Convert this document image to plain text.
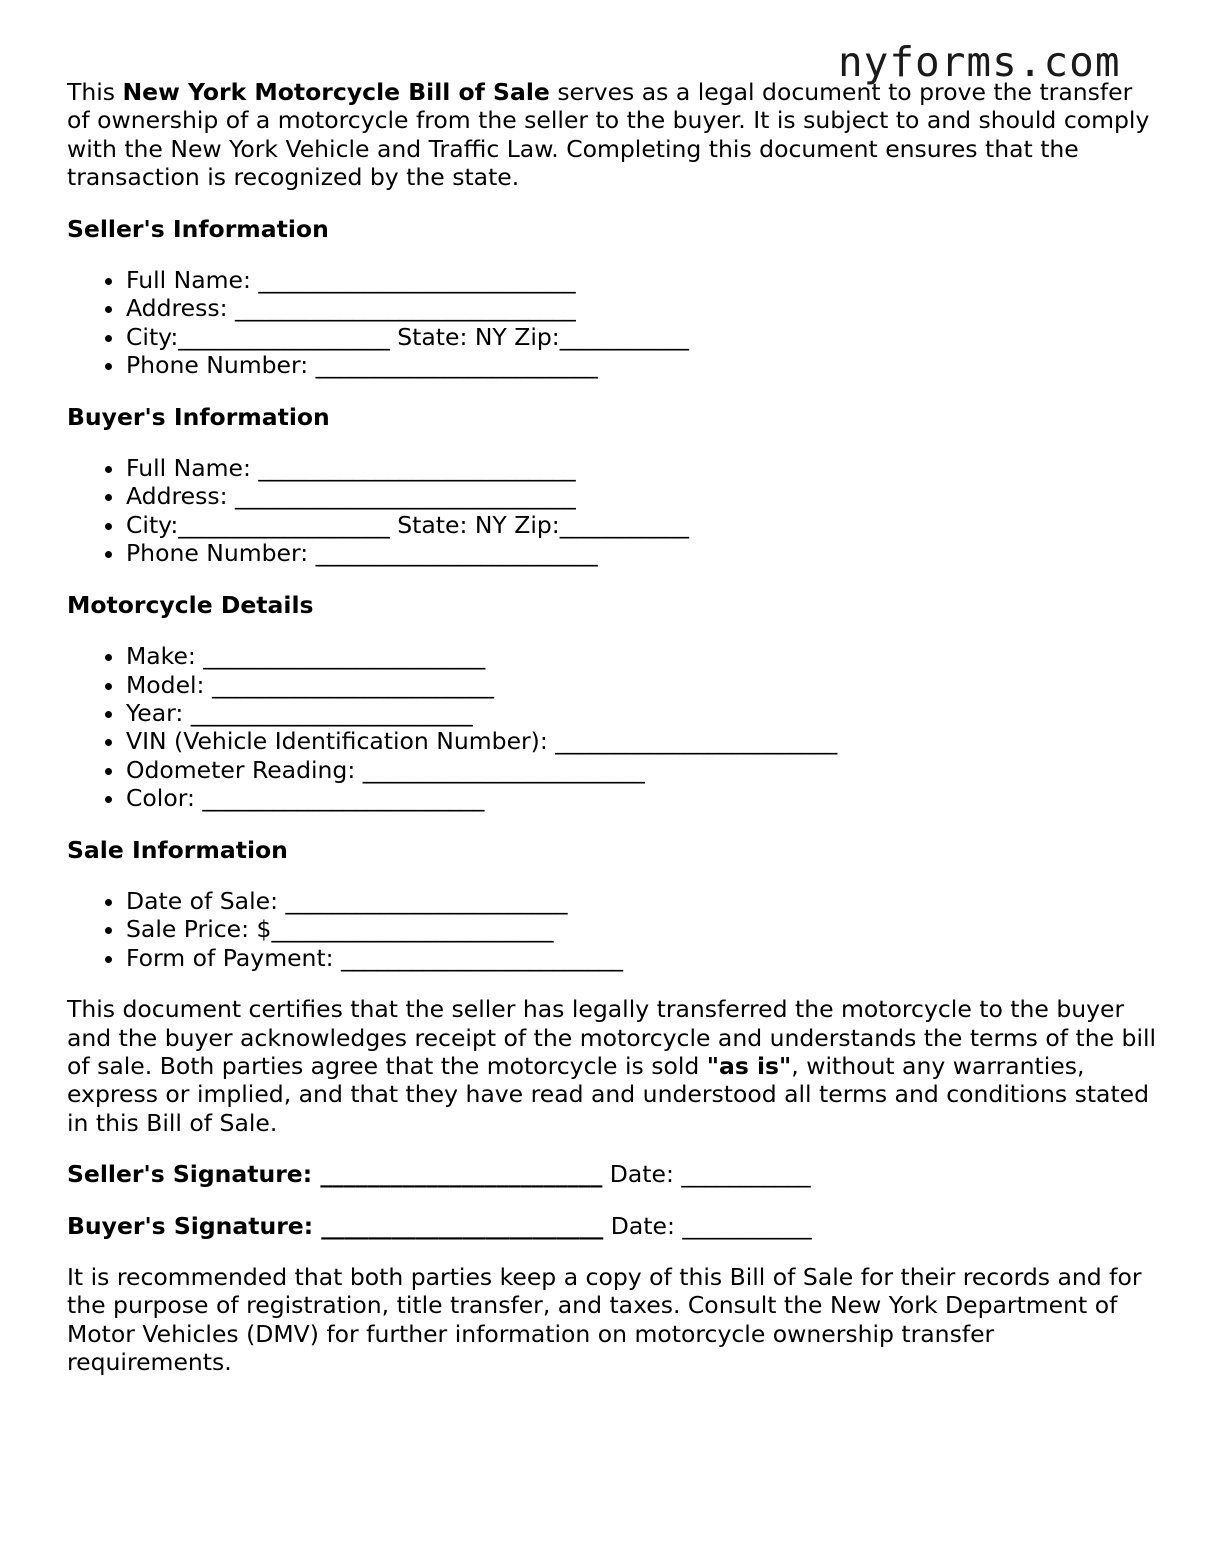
nyforms.com

This New York Motorcycle Bill of Sale serves as a legal document to prove the transfer of ownership of a motorcycle from the seller to the buyer. It is subject to and should comply with the New York Vehicle and Traffic Law. Completing this document ensures that the transaction is recognized by the state.

Seller's Information
• Full Name: ___________________________
• Address: _____________________________
• City:__________________ State: NY Zip:___________
• Phone Number: ________________________
Buyer's Information
• Full Name: ___________________________
• Address: _____________________________
• City:__________________ State: NY Zip:___________
• Phone Number: ________________________
Motorcycle Details
• Make: ________________________
• Model: ________________________
• Year: ________________________
• VIN (Vehicle Identification Number): ________________________
• Odometer Reading: ________________________
• Color: ________________________
Sale Information
• Date of Sale: ________________________
• Sale Price: $________________________
• Form of Payment: ________________________

This document certifies that the seller has legally transferred the motorcycle to the buyer and the buyer acknowledges receipt of the motorcycle and understands the terms of the bill of sale. Both parties agree that the motorcycle is sold "as is", without any warranties, express or implied, and that they have read and understood all terms and conditions stated in this Bill of Sale.

Seller's Signature: ________________________ Date: ___________

Buyer's Signature: ________________________ Date: ___________

It is recommended that both parties keep a copy of this Bill of Sale for their records and for the purpose of registration, title transfer, and taxes. Consult the New York Department of Motor Vehicles (DMV) for further information on motorcycle ownership transfer requirements.
